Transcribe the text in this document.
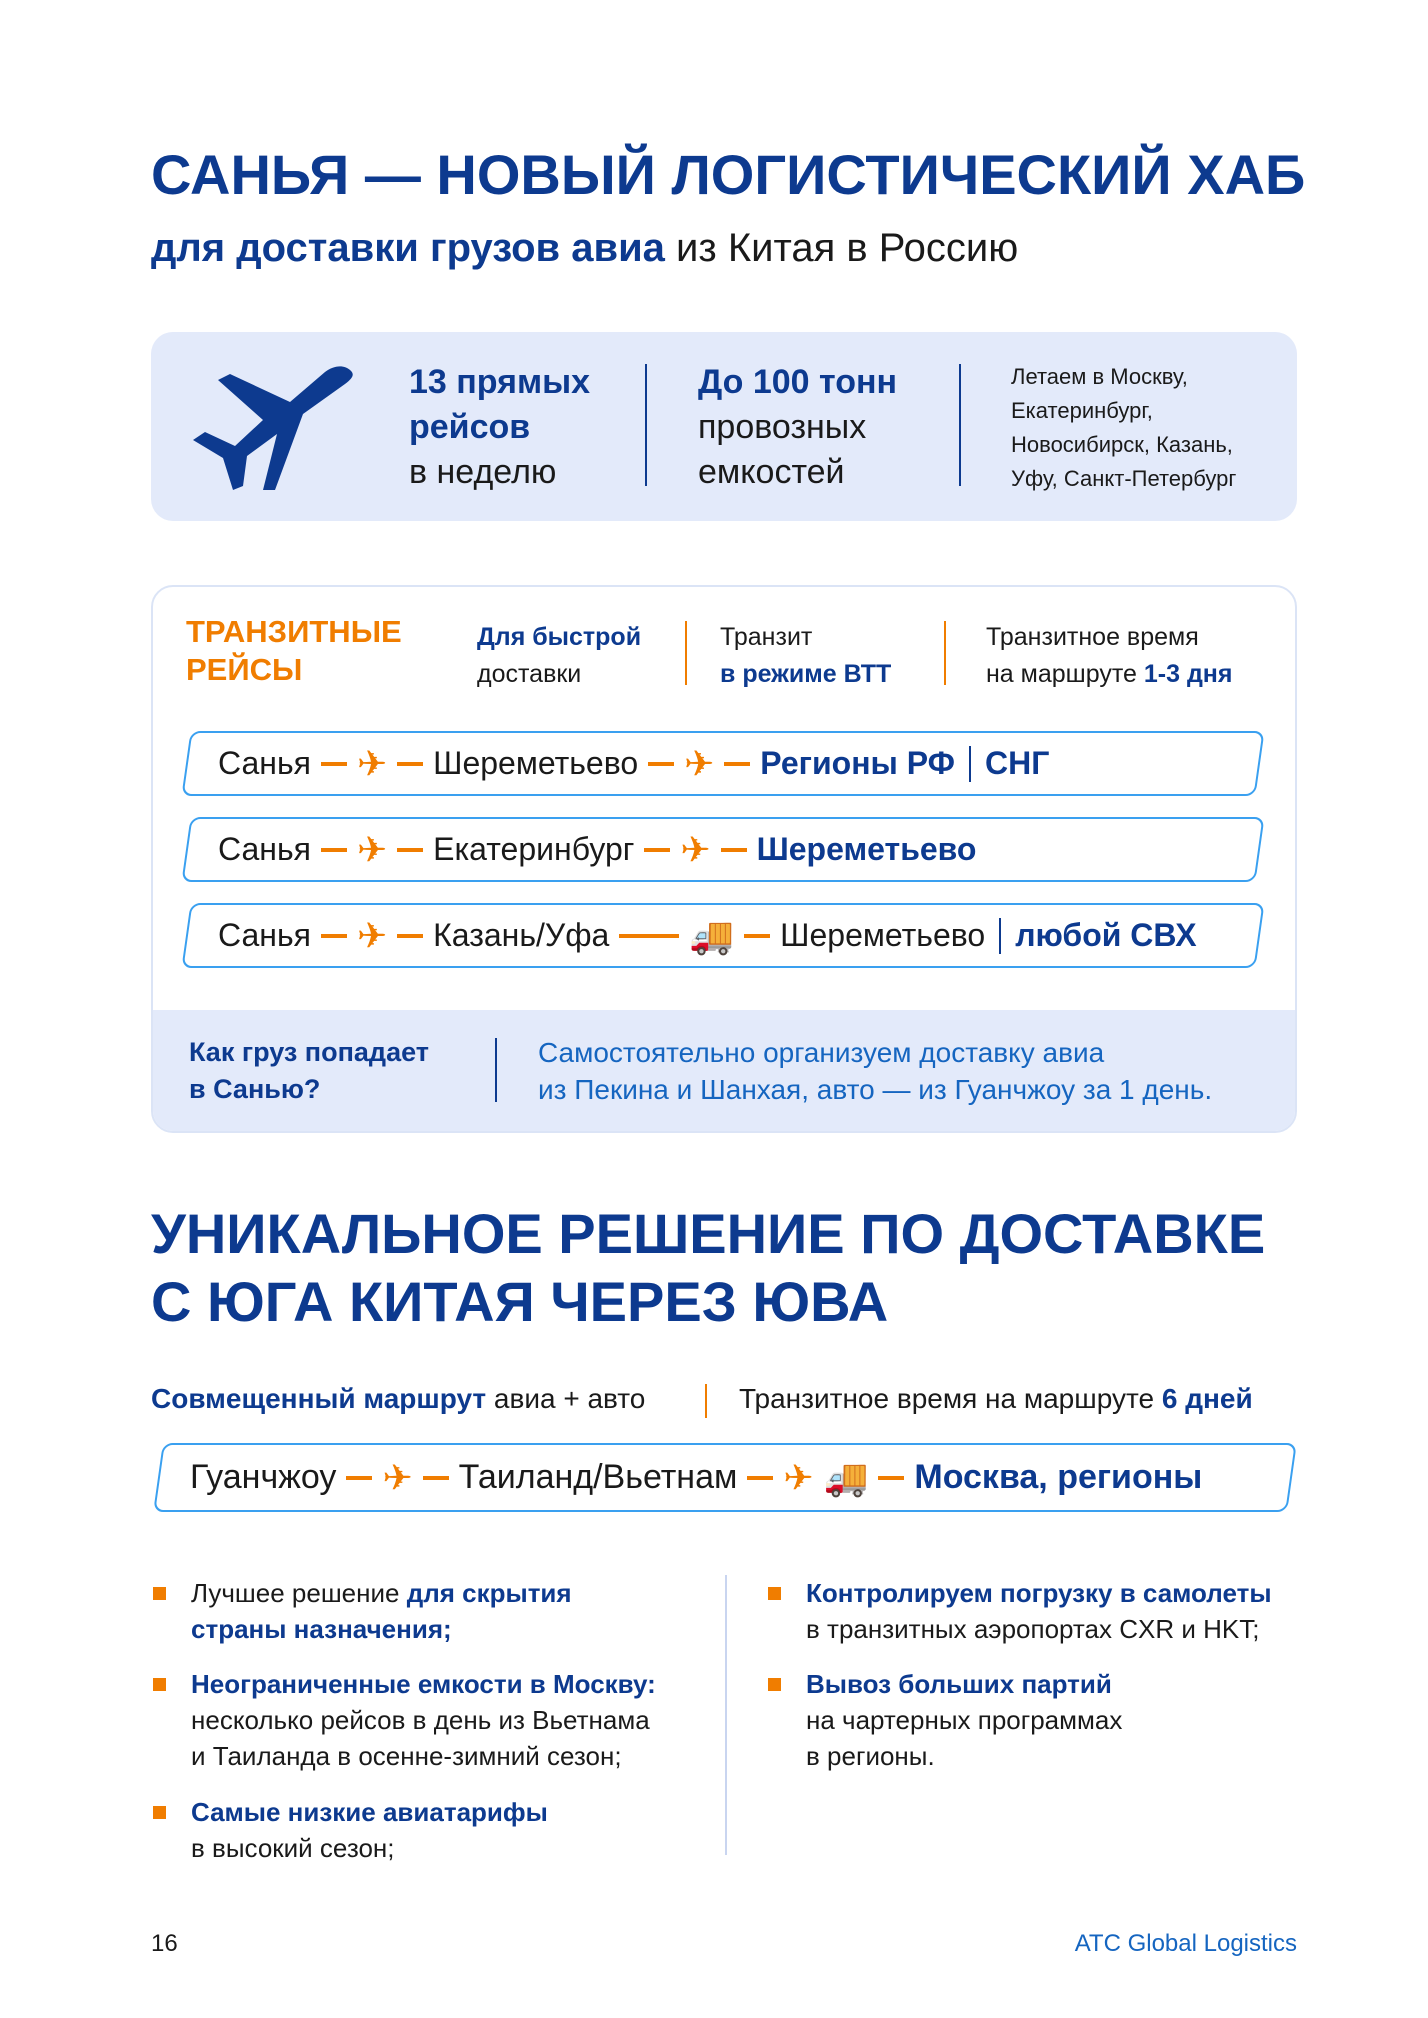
САНЬЯ — НОВЫЙ ЛОГИСТИЧЕСКИЙ ХАБ
для доставки грузов авиа из Китая в Россию
13 прямых
рейсов
в неделю
До 100 тонн
провозных
емкостей
Летаем в Москву,
Екатеринбург,
Новосибирск, Казань,
Уфу, Санкт-Петербург
ТРАНЗИТНЫЕ
РЕЙСЫ
Для быстрой
доставки
Транзит
в режиме ВТТ
Транзитное время
на маршруте 1-3 дня
Как груз попадает
в Санью?
Самостоятельно организуем доставку авиа
из Пекина и Шанхая, авто — из Гуанчжоу за 1 день.
Санья ✈ Шереметьево ✈ Регионы РФ СНГ
Санья ✈ Екатеринбург ✈ Шереметьево
Санья ✈ Казань/Уфа 🚚 Шереметьево любой СВХ
УНИКАЛЬНОЕ РЕШЕНИЕ ПО ДОСТАВКЕ
С ЮГА КИТАЯ ЧЕРЕЗ ЮВА
Совмещенный маршрут авиа + авто	Транзитное время на маршруте 6 дней
Гуанчжоу ✈ Таиланд/Вьетнам ✈ 🚚 Москва, регионы
Лучшее решение для скрытия
страны назначения;
Неограниченные емкости в Москву:
несколько рейсов в день из Вьетнама
и Таиланда в осенне-зимний сезон;
Самые низкие авиатарифы
в высокий сезон;
Контролируем погрузку в самолеты
в транзитных аэропортах CXR и HKT;
Вывоз больших партий
на чартерных программах
в регионы.
16	ATC Global Logistics
